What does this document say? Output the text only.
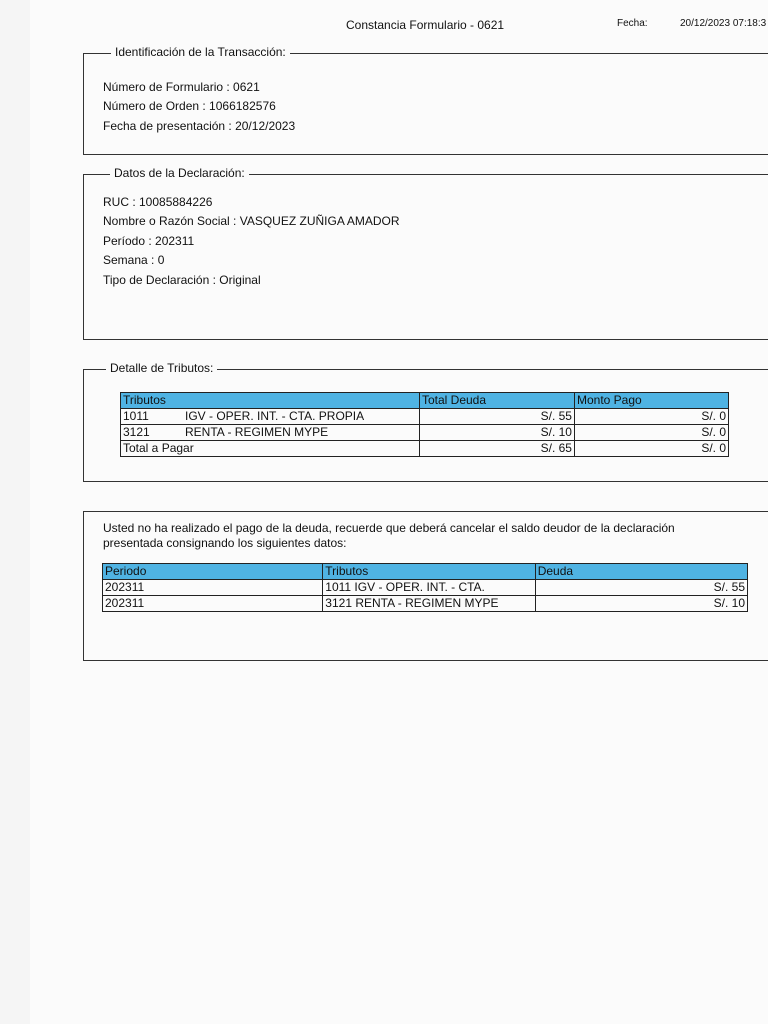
Constancia Formulario - 0621	Fecha:	20/12/2023 07:18:3
Identificación de la Transacción:
Número de Formulario : 0621
Número de Orden : 1066182576
Fecha de presentación : 20/12/2023
Datos de la Declaración:
RUC : 10085884226
Nombre o Razón Social : VASQUEZ ZUÑIGA AMADOR
Período : 202311
Semana : 0
Tipo de Declaración : Original
Detalle de Tributos:
Tributos	Total Deuda	Monto Pago
1011 IGV - OPER. INT. - CTA. PROPIA	S/. 55	S/. 0
3121 RENTA - REGIMEN MYPE	S/. 10	S/. 0
Total a Pagar	S/. 65	S/. 0
Usted no ha realizado el pago de la deuda, recuerde que deberá cancelar el saldo deudor de la declaración
presentada consignando los siguientes datos:
Periodo	Tributos	Deuda
202311	1011 IGV - OPER. INT. - CTA.	S/. 55
202311	3121 RENTA - REGIMEN MYPE	S/. 10
